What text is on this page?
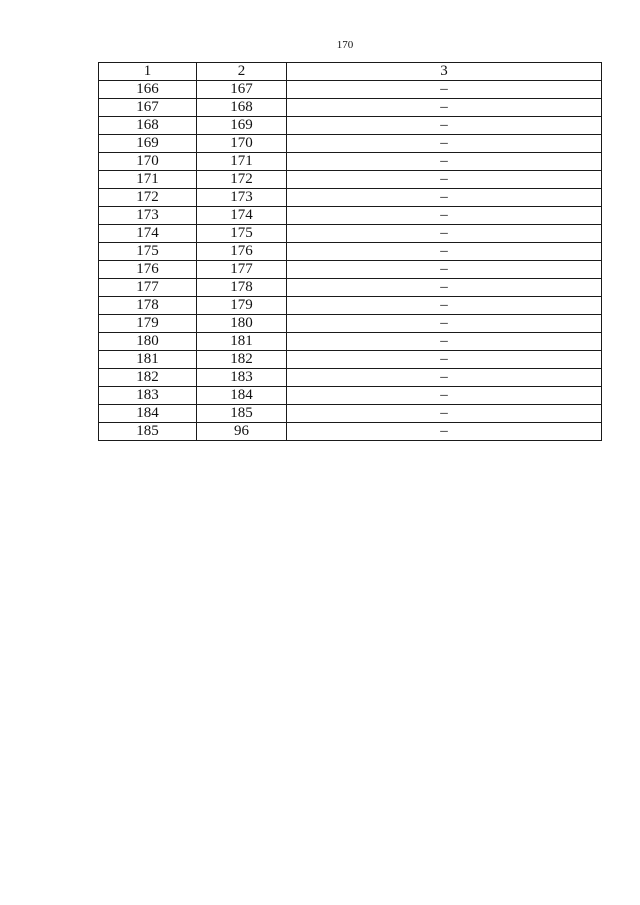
170
1	2	3
166	167	–
167	168	–
168	169	–
169	170	–
170	171	–
171	172	–
172	173	–
173	174	–
174	175	–
175	176	–
176	177	–
177	178	–
178	179	–
179	180	–
180	181	–
181	182	–
182	183	–
183	184	–
184	185	–
185	96	–
